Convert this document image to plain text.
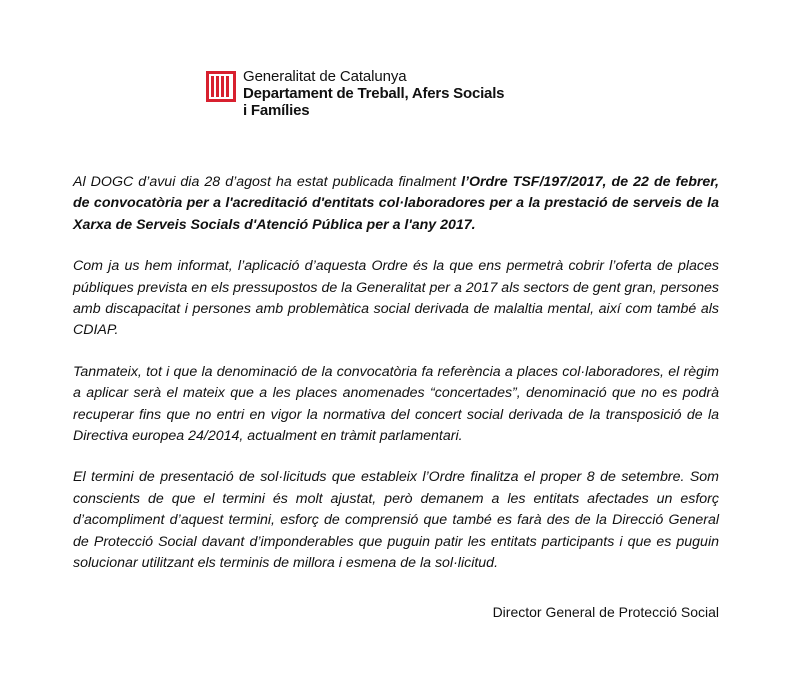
Generalitat de Catalunya
Departament de Treball, Afers Socials
i Famílies

Al DOGC d’avui dia 28 d’agost ha estat publicada finalment l’Ordre TSF/197/2017, de 22 de febrer, de convocatòria per a l'acreditació d'entitats col·laboradores per a la prestació de serveis de la Xarxa de Serveis Socials d'Atenció Pública per a l'any 2017.

Com ja us hem informat, l’aplicació d’aquesta Ordre és la que ens permetrà cobrir l’oferta de places públiques prevista en els pressupostos de la Generalitat per a 2017 als sectors de gent gran, persones amb discapacitat i persones amb problemàtica social derivada de malaltia mental, així com també als CDIAP.

Tanmateix, tot i que la denominació de la convocatòria fa referència a places col·laboradores, el règim a aplicar serà el mateix que a les places anomenades “concertades”, denominació que no es podrà recuperar fins que no entri en vigor la normativa del concert social derivada de la transposició de la Directiva europea 24/2014, actualment en tràmit parlamentari.

El termini de presentació de sol·licituds que estableix l’Ordre finalitza el proper 8 de setembre. Som conscients de que el termini és molt ajustat, però demanem a les entitats afectades un esforç d’acompliment d’aquest termini, esforç de comprensió que també es farà des de la Direcció General de Protecció Social davant d’imponderables que puguin patir les entitats participants i que es puguin solucionar utilitzant els terminis de millora i esmena de la sol·licitud.

Director General de Protecció Social
